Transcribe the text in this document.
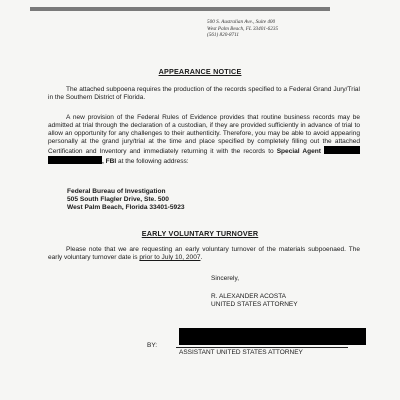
500 S. Australian Ave., Suite 400
West Palm Beach, FL 33401-6235
(561) 820-8711
APPEARANCE NOTICE
The attached subpoena requires the production of the records specified to a Federal Grand Jury/Trial in the Southern District of Florida.
A new provision of the Federal Rules of Evidence provides that routine business records may be admitted at trial through the declaration of a custodian, if they are provided sufficiently in advance of trial to allow an opportunity for any challenges to their authenticity. Therefore, you may be able to avoid appearing personally at the grand jury/trial at the time and place specified by completely filling out the attached Certification and Inventory and immediately returning it with the records to Special Agent  , FBI at the following address:
Federal Bureau of Investigation
505 South Flagler Drive, Ste. 500
West Palm Beach, Florida 33401-5923
EARLY VOLUNTARY TURNOVER
Please note that we are requesting an early voluntary turnover of the materials subpoenaed. The early voluntary turnover date is prior to July 10, 2007.
Sincerely,
R. ALEXANDER ACOSTA
UNITED STATES ATTORNEY
BY:
ASSISTANT UNITED STATES ATTORNEY
